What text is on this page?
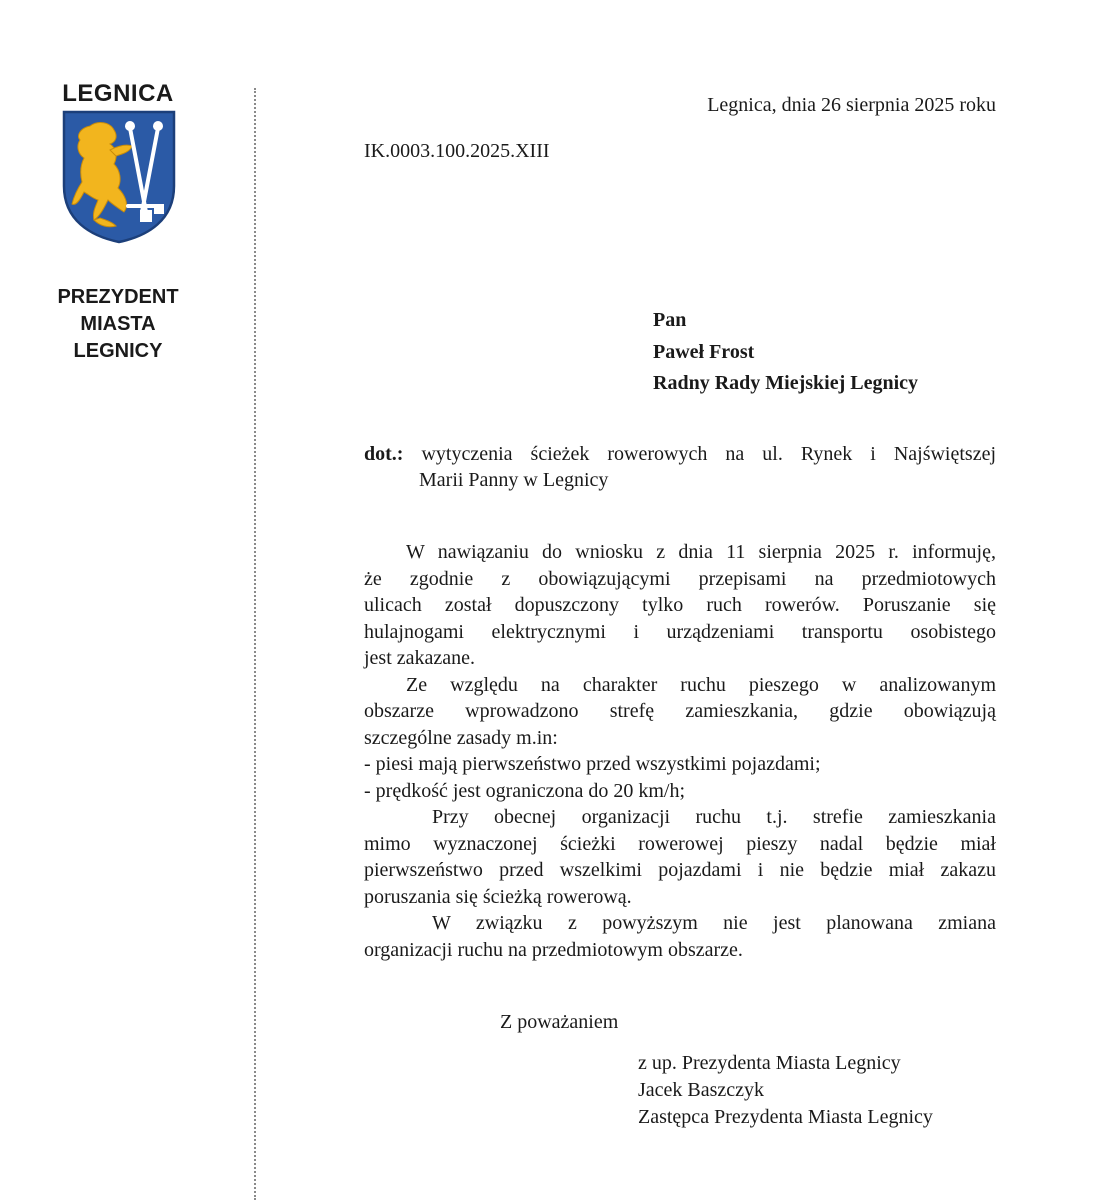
LEGNICA
PREZYDENT
MIASTA
LEGNICY
Legnica, dnia 26 sierpnia 2025 roku
IK.0003.100.2025.XIII
Pan
Paweł Frost
Radny Rady Miejskiej Legnicy
dot.: wytyczenia ścieżek rowerowych na ul. Rynek i Najświętszej
Marii Panny w Legnicy
W nawiązaniu do wniosku z dnia 11 sierpnia 2025 r. informuję,
że zgodnie z obowiązującymi przepisami na przedmiotowych
ulicach został dopuszczony tylko ruch rowerów. Poruszanie się
hulajnogami elektrycznymi i urządzeniami transportu osobistego
jest zakazane.
Ze względu na charakter ruchu pieszego w analizowanym
obszarze wprowadzono strefę zamieszkania, gdzie obowiązują
szczególne zasady m.in:
- piesi mają pierwszeństwo przed wszystkimi pojazdami;
- prędkość jest ograniczona do 20 km/h;
Przy obecnej organizacji ruchu t.j. strefie zamieszkania
mimo wyznaczonej ścieżki rowerowej pieszy nadal będzie miał
pierwszeństwo przed wszelkimi pojazdami i nie będzie miał zakazu
poruszania się ścieżką rowerową.
W związku z powyższym nie jest planowana zmiana
organizacji ruchu na przedmiotowym obszarze.
Z poważaniem
z up. Prezydenta Miasta Legnicy
Jacek Baszczyk
Zastępca Prezydenta Miasta Legnicy
